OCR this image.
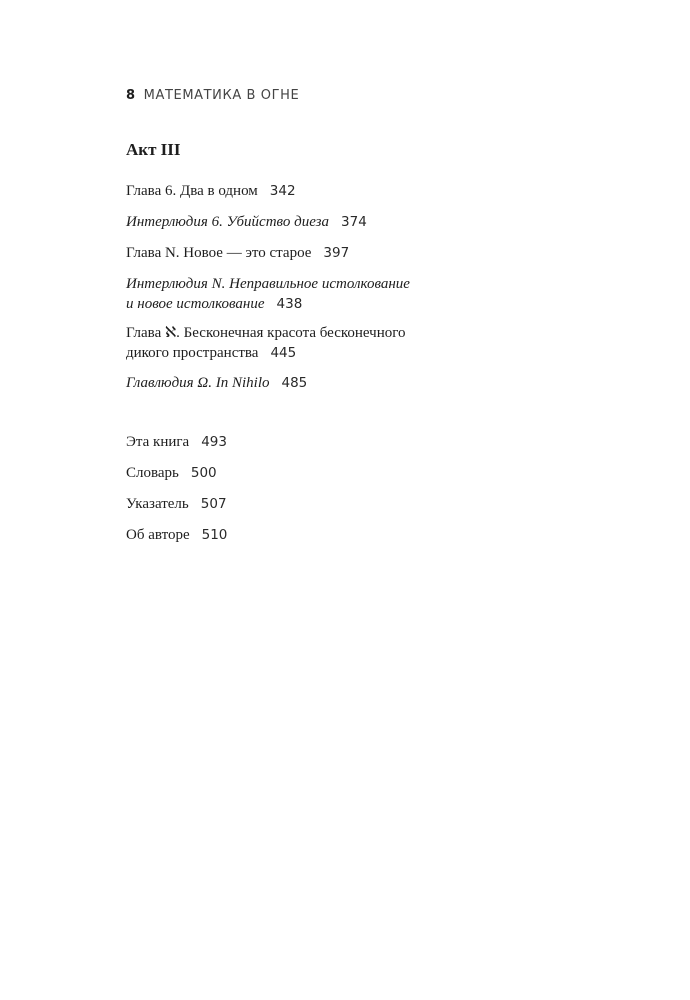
8 МАТЕМАТИКА В ОГНЕ
Акт III
Глава 6. Два в одном 342
Интерлюдия 6. Убийство диеза 374
Глава N. Новое — это старое 397
Интерлюдия N. Неправильное истолкование
и новое истолкование 438
Глава ℵ. Бесконечная красота бесконечного
дикого пространства 445
Главлюдия Ω. In Nihilo 485
Эта книга 493
Словарь 500
Указатель 507
Об авторе 510
